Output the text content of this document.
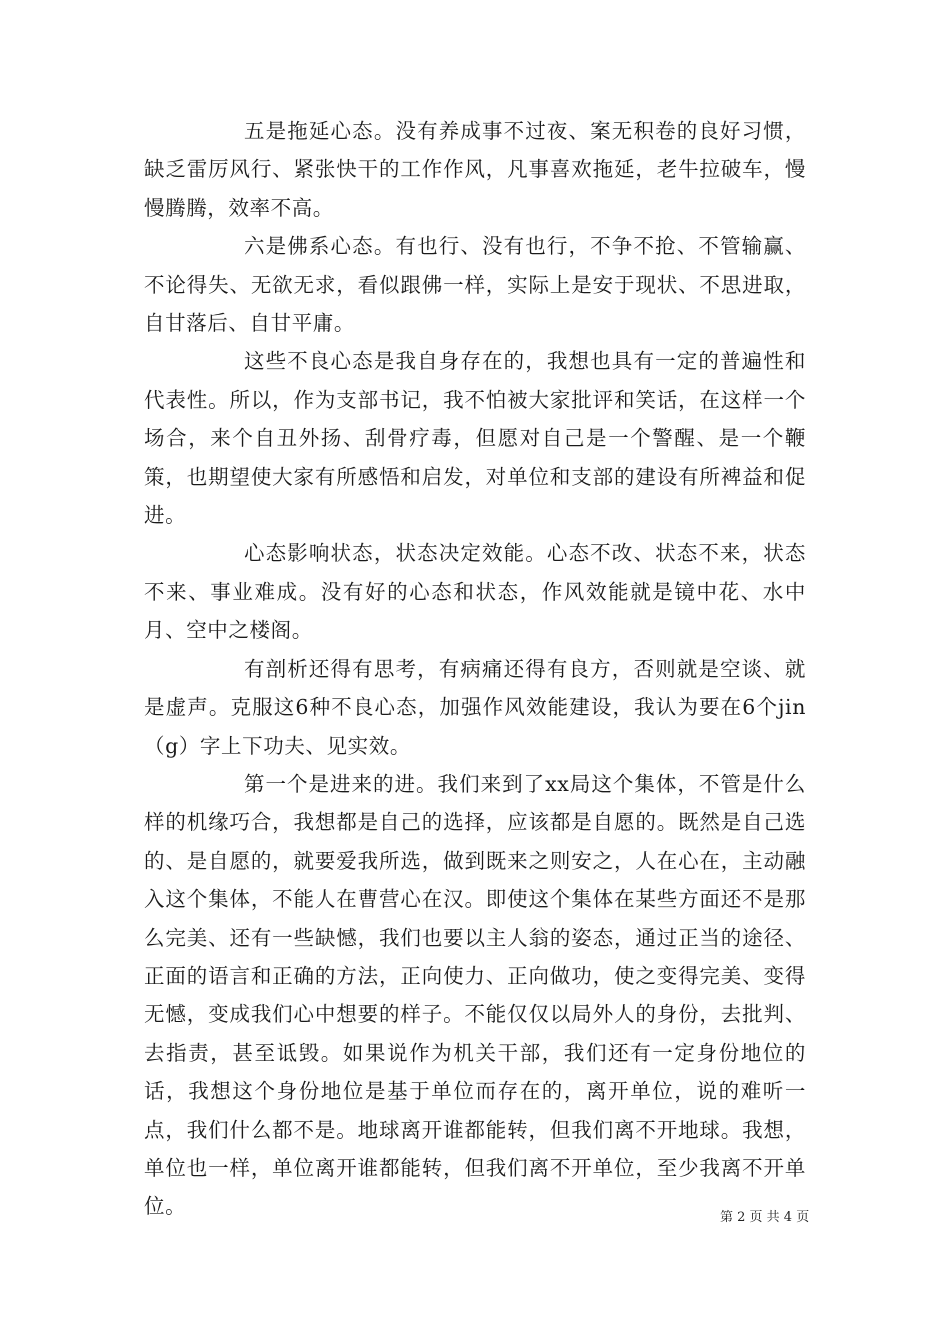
五是拖延心态。没有养成事不过夜、案无积卷的良好习惯，缺乏雷厉风行、紧张快干的工作作风，凡事喜欢拖延，老牛拉破车，慢慢腾腾，效率不高。

六是佛系心态。有也行、没有也行，不争不抢、不管输赢、不论得失、无欲无求，看似跟佛一样，实际上是安于现状、不思进取，自甘落后、自甘平庸。

这些不良心态是我自身存在的，我想也具有一定的普遍性和代表性。所以，作为支部书记，我不怕被大家批评和笑话，在这样一个场合，来个自丑外扬、刮骨疗毒，但愿对自己是一个警醒、是一个鞭策，也期望使大家有所感悟和启发，对单位和支部的建设有所裨益和促进。

心态影响状态，状态决定效能。心态不改、状态不来，状态不来、事业难成。没有好的心态和状态，作风效能就是镜中花、水中月、空中之楼阁。

有剖析还得有思考，有病痛还得有良方，否则就是空谈、就是虚声。克服这6种不良心态，加强作风效能建设，我认为要在6个jin（g）字上下功夫、见实效。

第一个是进来的进。我们来到了xx局这个集体，不管是什么样的机缘巧合，我想都是自己的选择，应该都是自愿的。既然是自己选的、是自愿的，就要爱我所选，做到既来之则安之，人在心在，主动融入这个集体，不能人在曹营心在汉。即使这个集体在某些方面还不是那么完美、还有一些缺憾，我们也要以主人翁的姿态，通过正当的途径、正面的语言和正确的方法，正向使力、正向做功，使之变得完美、变得无憾，变成我们心中想要的样子。不能仅仅以局外人的身份，去批判、去指责，甚至诋毁。如果说作为机关干部，我们还有一定身份地位的话，我想这个身份地位是基于单位而存在的，离开单位，说的难听一点，我们什么都不是。地球离开谁都能转，但我们离不开地球。我想，单位也一样，单位离开谁都能转，但我们离不开单位，至少我离不开单位。	第 2 页 共 4 页
